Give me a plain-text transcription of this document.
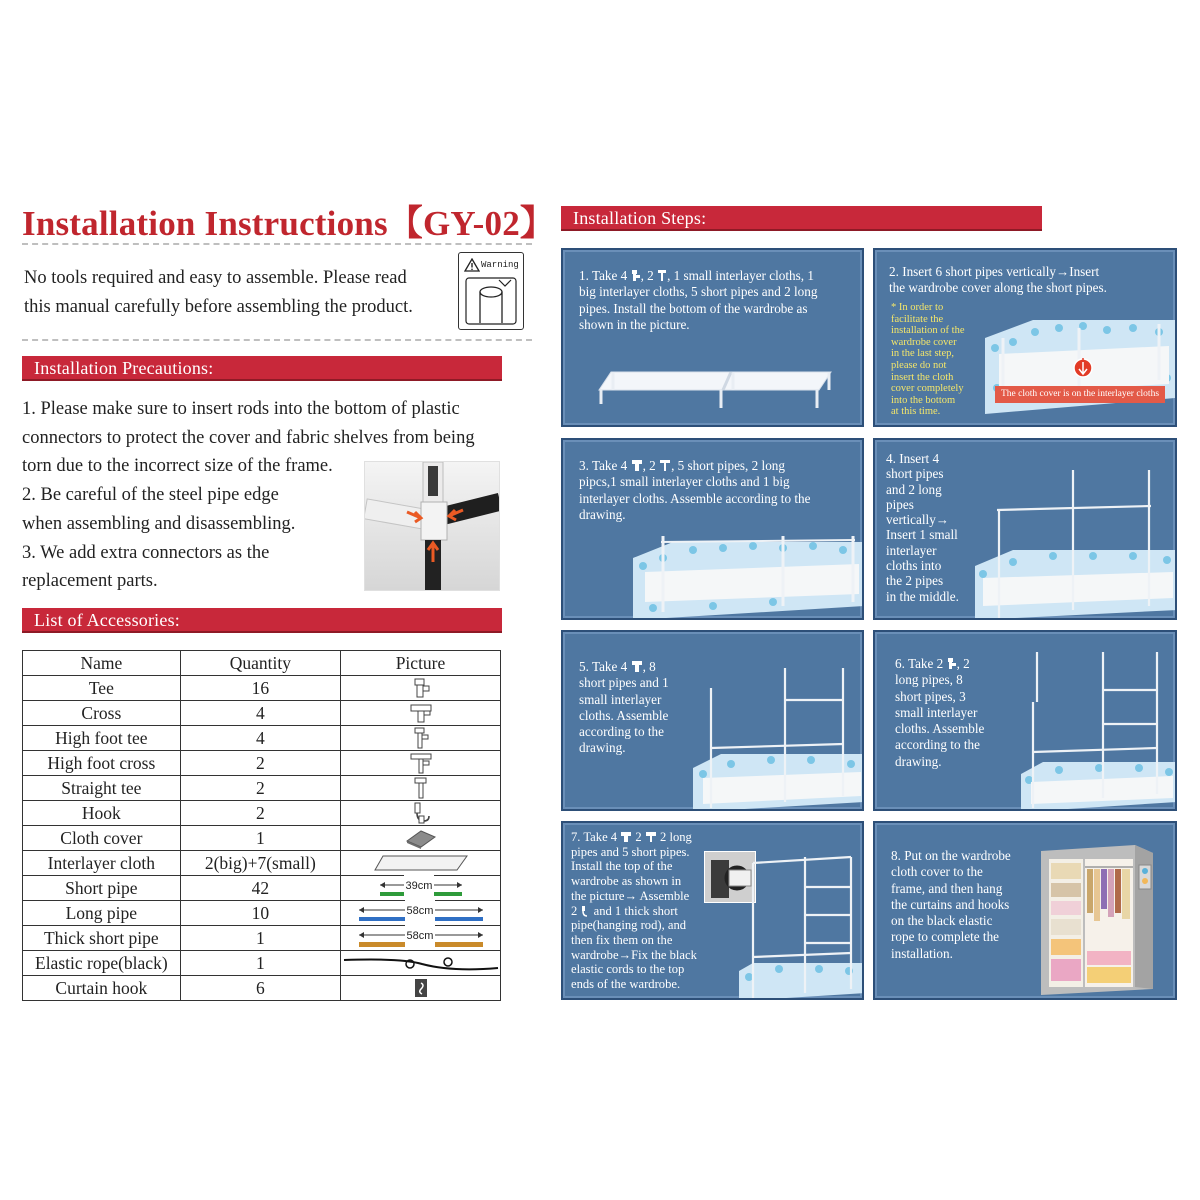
Installation Instructions【GY-02】
No tools required and easy to assemble. Please read
this manual carefully before assembling the product.
Warning
Installation Precautions:
1. Please make sure to insert rods into the bottom of plastic
connectors to protect the cover and fabric shelves from being
torn due to the incorrect size of the frame.
2. Be careful of the steel pipe edge
when assembling and disassembling.
3. We add extra connectors as the
replacement parts.
List of Accessories:
Name	Quantity	Picture
Tee	16	

Cross	4	

High foot tee	4	

High foot cross	2	

Straight tee	2	

Hook	2	

Cloth cover	1	

Interlayer cloth	2(big)+7(small)	

Short pipe	42	39cm

Long pipe	10	58cm

Thick short pipe	1	58cm

Elastic rope(black)	1	

Curtain hook	6	
Installation Steps:
1. Take 4 , 2 , 1 small interlayer cloths, 1
big interlayer cloths, 5 short pipes and 2 long
pipes. Install the bottom of the wardrobe as
shown in the picture.
2. Insert 6 short pipes vertically→Insert
the wardrobe cover along the short pipes.
* In order to
facilitate the
installation of the
wardrobe cover
in the last step,
please do not
insert the cloth
cover completely
into the bottom
at this time.
The cloth cover is on the interlayer cloths
3. Take 4 , 2 , 5 short pipes, 2 long
pipcs,1 small interlayer cloths and 1 big
interlayer cloths. Assemble according to the
drawing.
4. Insert 4
short pipes
and 2 long
pipes
vertically→
Insert 1 small
interlayer
cloths into
the 2 pipes
in the middle.
5. Take 4 , 8
short pipes and 1
small interlayer
cloths. Assemble
according to the
drawing.
6. Take 2 , 2
long pipes, 8
short pipes, 3
small interlayer
cloths. Assemble
according to the
drawing.
7. Take 4  2  2 long
pipes and 5 short pipes.
Install the top of the
wardrobe as shown in
the picture→ Assemble
2  and 1 thick short
pipe(hanging rod), and
then fix them on the
wardrobe→Fix the black
elastic cords to the top
ends of the wardrobe.
8. Put on the wardrobe
cloth cover to the
frame, and then hang
the curtains and hooks
on the black elastic
rope to complete the
installation.
